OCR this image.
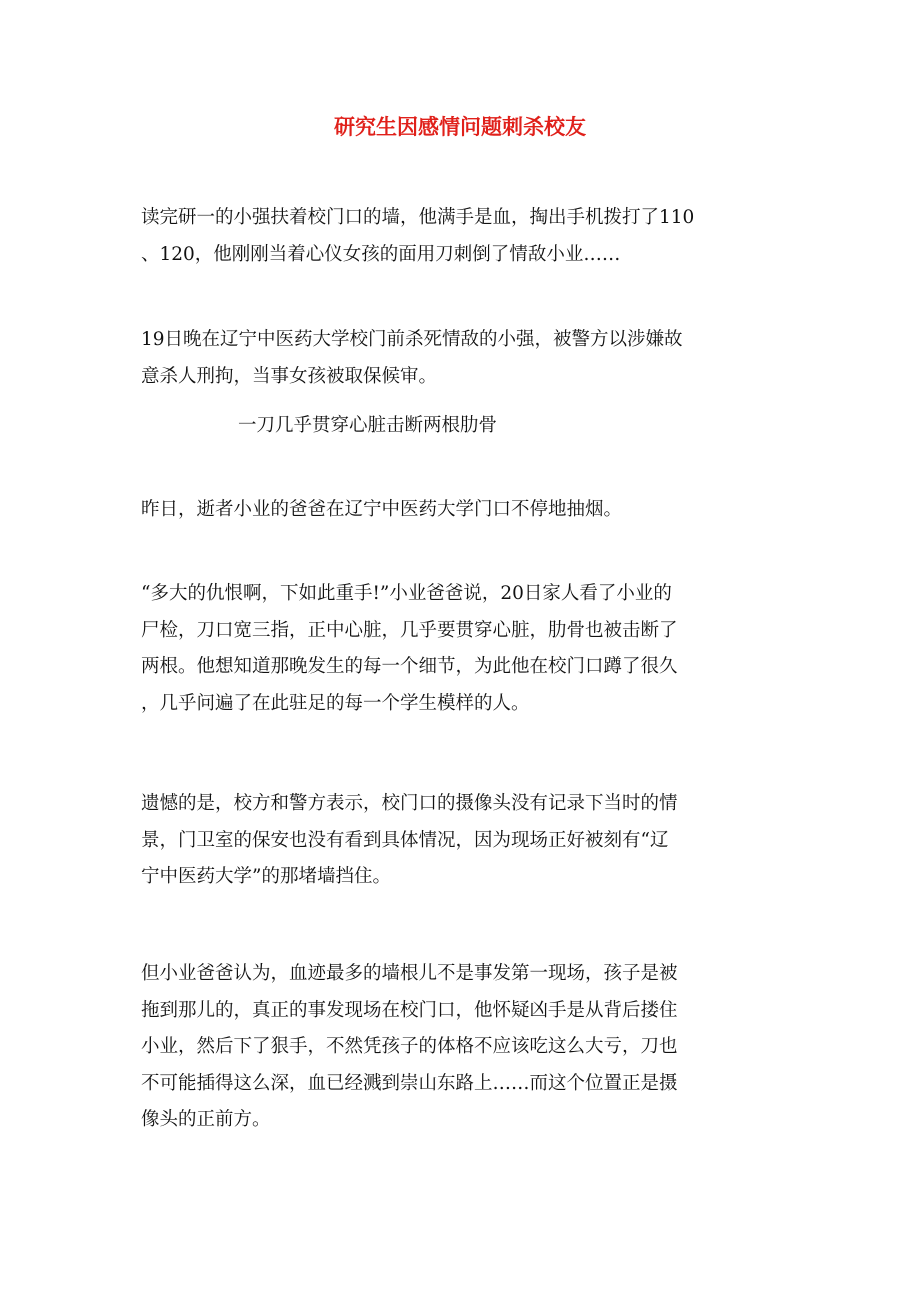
研究生因感情问题刺杀校友

读完研一的小强扶着校门口的墙，他满手是血，掏出手机拨打了110
、120，他刚刚当着心仪女孩的面用刀刺倒了情敌小业……

19日晚在辽宁中医药大学校门前杀死情敌的小强，被警方以涉嫌故
意杀人刑拘，当事女孩被取保候审。

一刀几乎贯穿心脏击断两根肋骨

昨日，逝者小业的爸爸在辽宁中医药大学门口不停地抽烟。

“多大的仇恨啊，下如此重手!”小业爸爸说，20日家人看了小业的
尸检，刀口宽三指，正中心脏，几乎要贯穿心脏，肋骨也被击断了
两根。他想知道那晚发生的每一个细节，为此他在校门口蹲了很久
，几乎问遍了在此驻足的每一个学生模样的人。

遗憾的是，校方和警方表示，校门口的摄像头没有记录下当时的情
景，门卫室的保安也没有看到具体情况，因为现场正好被刻有“辽
宁中医药大学”的那堵墙挡住。

但小业爸爸认为，血迹最多的墙根儿不是事发第一现场，孩子是被
拖到那儿的，真正的事发现场在校门口，他怀疑凶手是从背后搂住
小业，然后下了狠手，不然凭孩子的体格不应该吃这么大亏，刀也
不可能插得这么深，血已经溅到崇山东路上……而这个位置正是摄
像头的正前方。
